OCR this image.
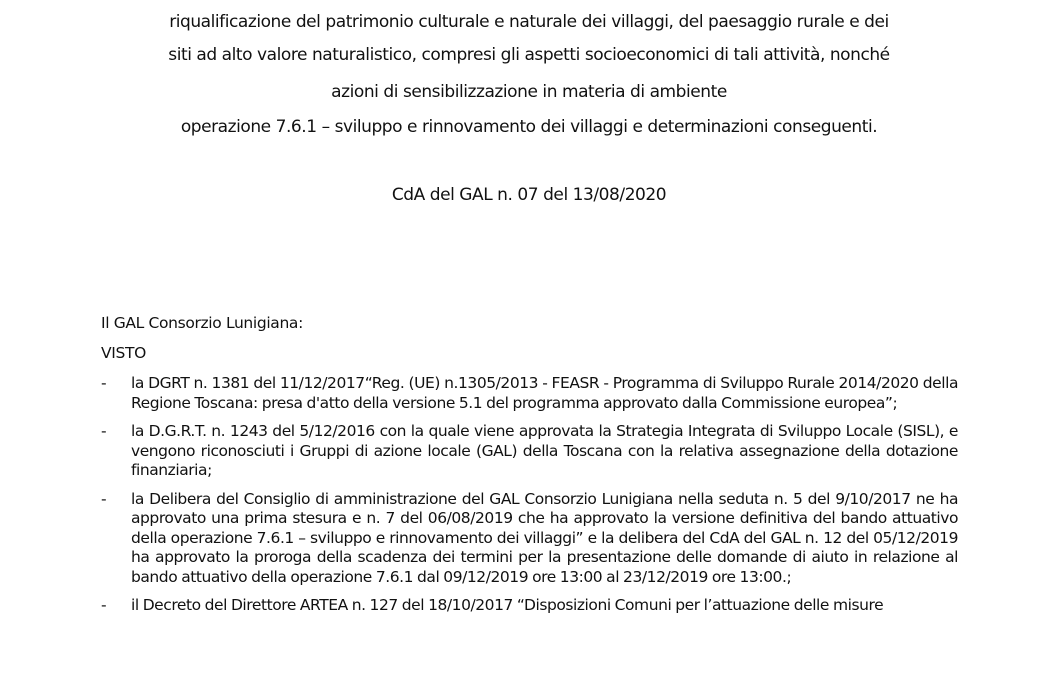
riqualificazione del patrimonio culturale e naturale dei villaggi, del paesaggio rurale e dei
siti ad alto valore naturalistico, compresi gli aspetti socioeconomici di tali attività, nonché
azioni di sensibilizzazione in materia di ambiente
operazione 7.6.1 – sviluppo e rinnovamento dei villaggi e determinazioni conseguenti.
CdA del GAL n. 07 del 13/08/2020
Il GAL Consorzio Lunigiana:
VISTO
- la DGRT n. 1381 del 11/12/2017“Reg. (UE) n.1305/2013 - FEASR - Programma di Sviluppo Rurale 2014/2020 della Regione Toscana: presa d'atto della versione 5.1 del programma approvato dalla Commissione europea”;
- la D.G.R.T. n. 1243 del 5/12/2016 con la quale viene approvata la Strategia Integrata di Sviluppo Locale (SISL), e vengono riconosciuti i Gruppi di azione locale (GAL) della Toscana con la relativa assegnazione della dotazione finanziaria;
- la Delibera del Consiglio di amministrazione del GAL Consorzio Lunigiana nella seduta n. 5 del 9/10/2017 ne ha approvato una prima stesura e n. 7 del 06/08/2019 che ha approvato la versione definitiva del bando attuativo della operazione 7.6.1 – sviluppo e rinnovamento dei villaggi” e la delibera del CdA del GAL n. 12 del 05/12/2019 ha approvato la proroga della scadenza dei termini per la presentazione delle domande di aiuto in relazione al bando attuativo della operazione 7.6.1 dal 09/12/2019 ore 13:00 al 23/12/2019 ore 13:00.;
- il Decreto del Direttore ARTEA n. 127 del 18/10/2017 “Disposizioni Comuni per l’attuazione delle misure
